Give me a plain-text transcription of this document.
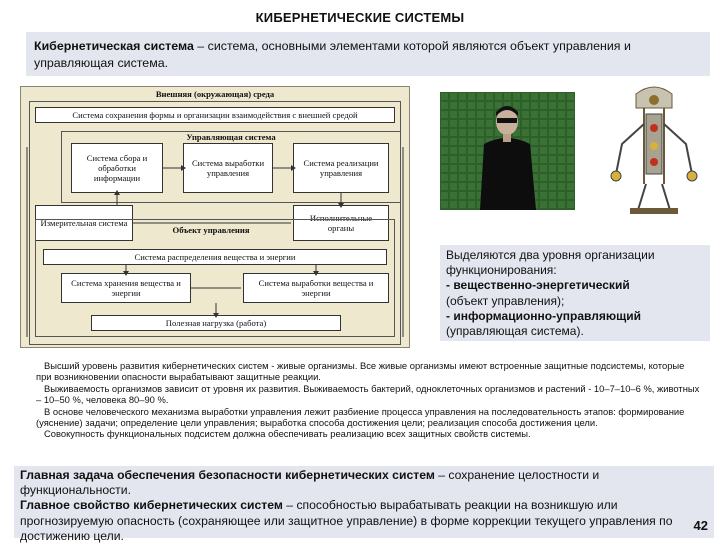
КИБЕРНЕТИЧЕСКИЕ СИСТЕМЫ
Кибернетическая система – система, основными элементами которой являются объект управления и управляющая система.
Внешняя (окружающая) среда
Система сохранения формы и организации взаимодействия с внешней средой
Управляющая система
Система сбора и обработки информации
Система выработки управления
Система реализации управления
Измерительная система	Исполнительные органы
Объект управления
Система распределения вещества и энергии
Система хранения вещества и энергии
Система выработки вещества и энергии
Полезная нагрузка (работа)
Выделяются два уровня организации функционирования:
- вещественно-энергетический
(объект управления);
- информационно-управляющий
(управляющая система).

Высший уровень развития кибернетических систем - живые организмы. Все живые организмы имеют встроенные защитные подсистемы, которые при возникновении опасности вырабатывают защитные реакции.

Выживаемость организмов зависит от уровня их развития. Выживаемость бактерий, одноклеточных организмов и растений - 10–7–10–6 %, животных – 10–50 %, человека 80–90 %.

В основе человеческого механизма выработки управления лежит разбиение процесса управления на последовательность этапов: формирование (уяснение) задачи; определение цели управления; выработка способа достижения цели; реализация способа достижения цели.

Совокупность функциональных подсистем должна обеспечивать реализацию всех защитных свойств системы.

Главная задача обеспечения безопасности кибернетических систем – сохранение целостности и функциональности.
Главное свойство кибернетических систем – способностью вырабатывать реакции на возникшую или прогнозируемую опасность (сохраняющее или защитное управление) в форме коррекции текущего управления по достижению цели.
42
